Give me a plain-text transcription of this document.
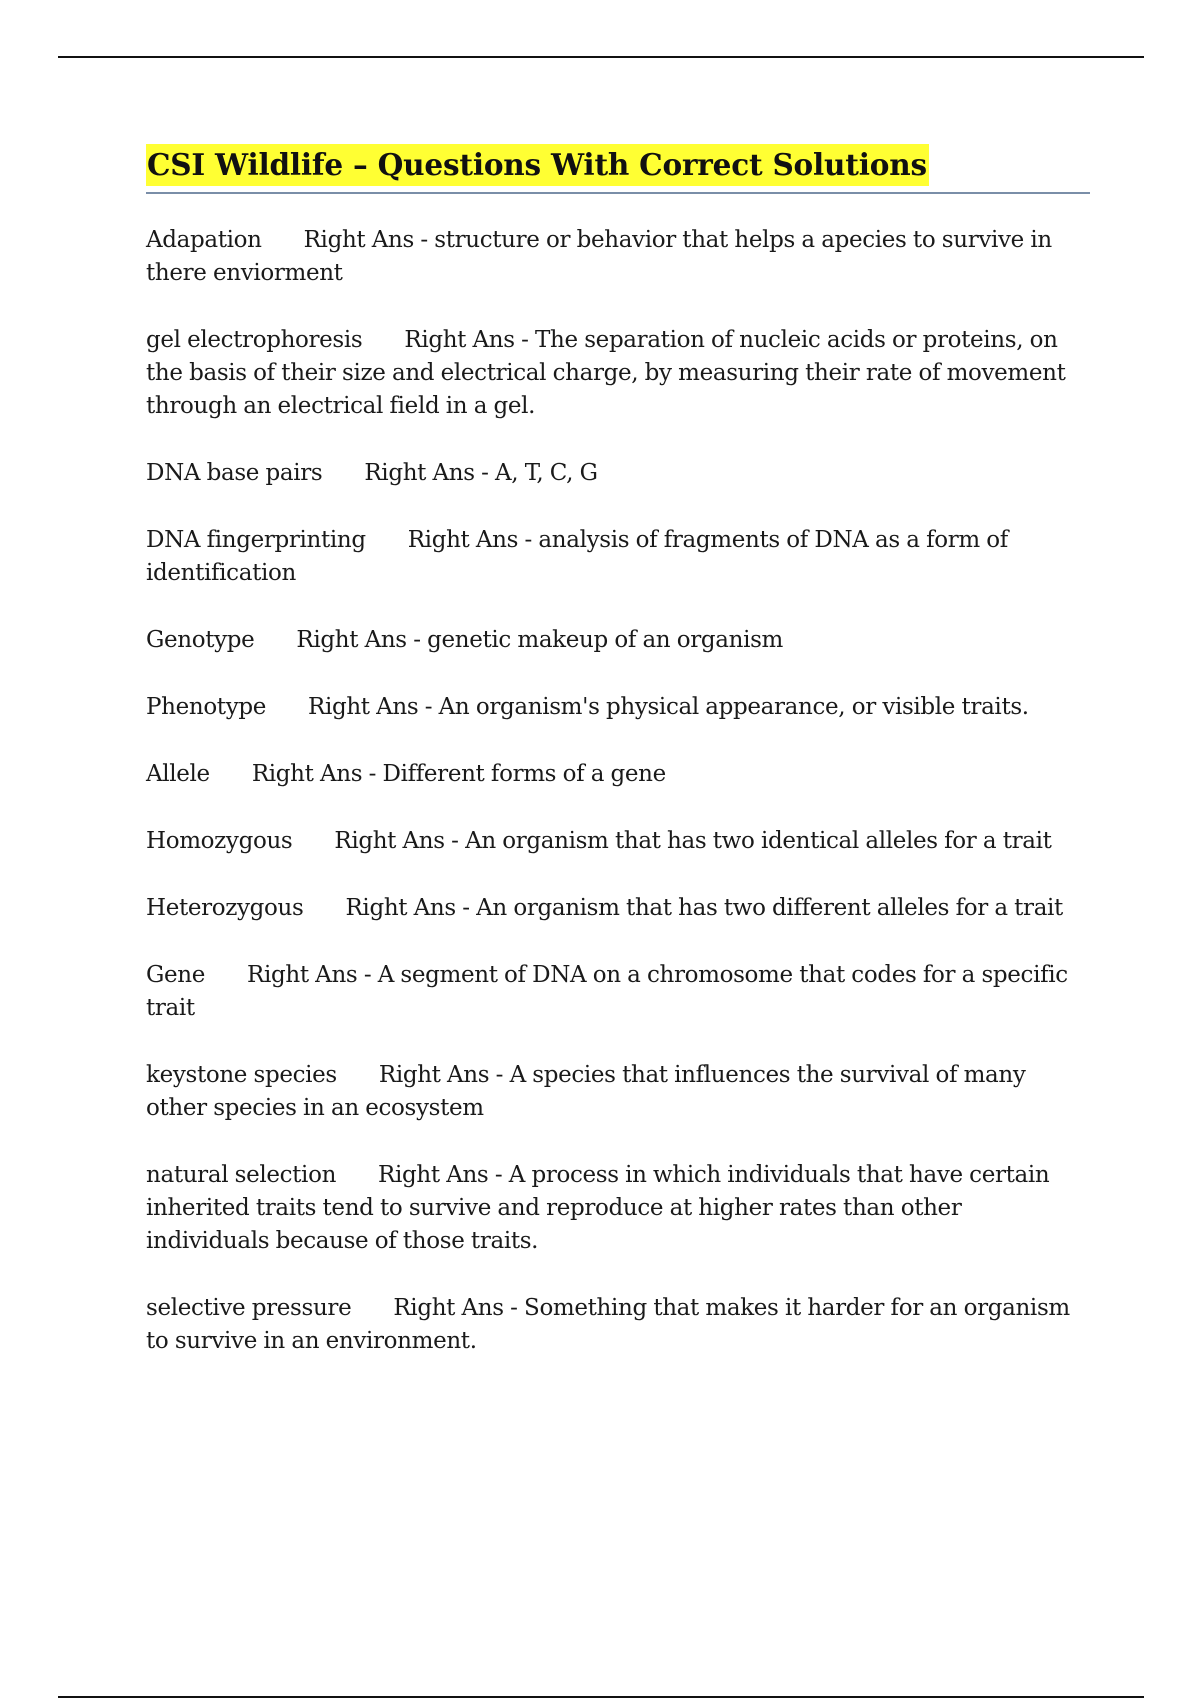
CSI Wildlife – Questions With Correct Solutions
Adapation Right Ans - structure or behavior that helps a apecies to survive in there enviorment
gel electrophoresis Right Ans - The separation of nucleic acids or proteins, on the basis of their size and electrical charge, by measuring their rate of movement through an electrical field in a gel.
DNA base pairs Right Ans - A, T, C, G
DNA fingerprinting Right Ans - analysis of fragments of DNA as a form of identification
Genotype Right Ans - genetic makeup of an organism
Phenotype Right Ans - An organism's physical appearance, or visible traits.
Allele Right Ans - Different forms of a gene
Homozygous Right Ans - An organism that has two identical alleles for a trait
Heterozygous Right Ans - An organism that has two different alleles for a trait
Gene Right Ans - A segment of DNA on a chromosome that codes for a specific trait
keystone species Right Ans - A species that influences the survival of many other species in an ecosystem
natural selection Right Ans - A process in which individuals that have certain inherited traits tend to survive and reproduce at higher rates than other individuals because of those traits.
selective pressure Right Ans - Something that makes it harder for an organism to survive in an environment.
